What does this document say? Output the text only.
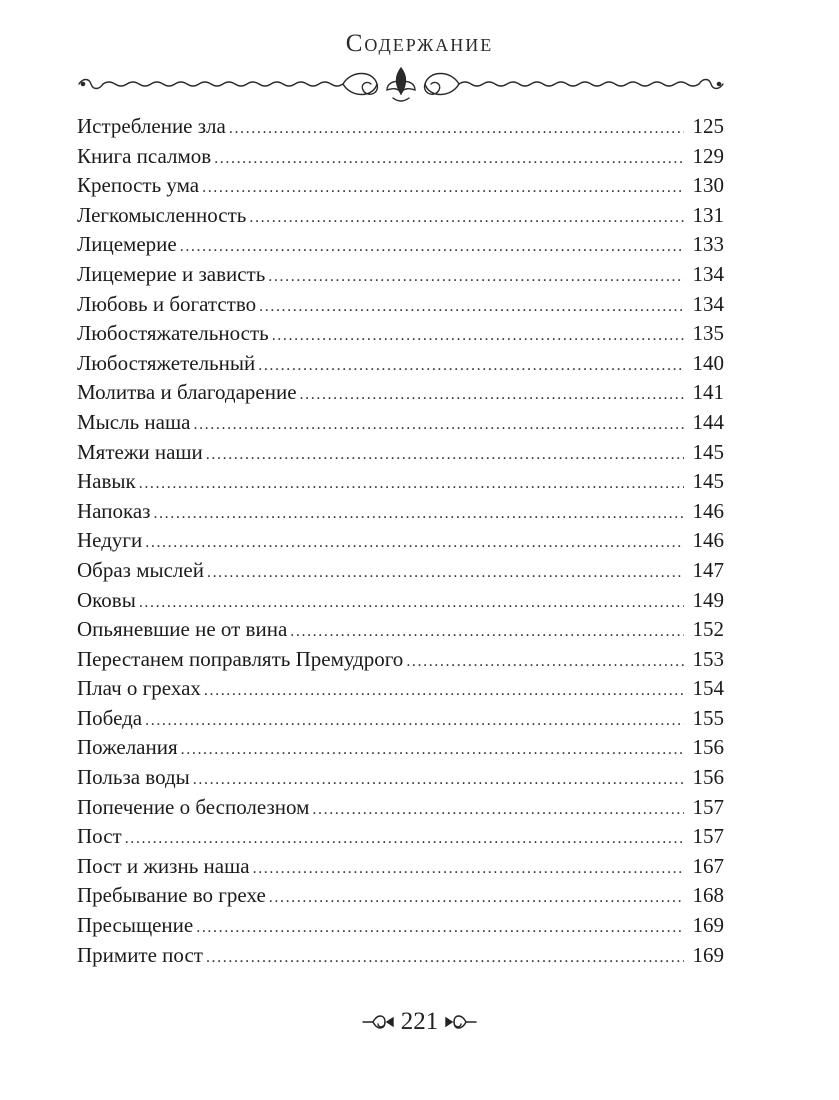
Содержание
Истребление зла .....	125
Книга псалмов .....	129
Крепость ума .....	130
Легкомысленность .....	131
Лицемерие .....	133
Лицемерие и зависть .....	134
Любовь и богатство .....	134
Любостяжательность .....	135
Любостяжетельный .....	140
Молитва и благодарение .....	141
Мысль наша .....	144
Мятежи наши .....	145
Навык .....	145
Напоказ .....	146
Недуги .....	146
Образ мыслей .....	147
Оковы .....	149
Опьяневшие не от вина .....	152
Перестанем поправлять Премудрого .....	153
Плач о грехах .....	154
Победа .....	155
Пожелания .....	156
Польза воды .....	156
Попечение о бесполезном .....	157
Пост .....	157
Пост и жизнь наша .....	167
Пребывание во грехе .....	168
Пресыщение .....	169
Примите пост .....	169
221
